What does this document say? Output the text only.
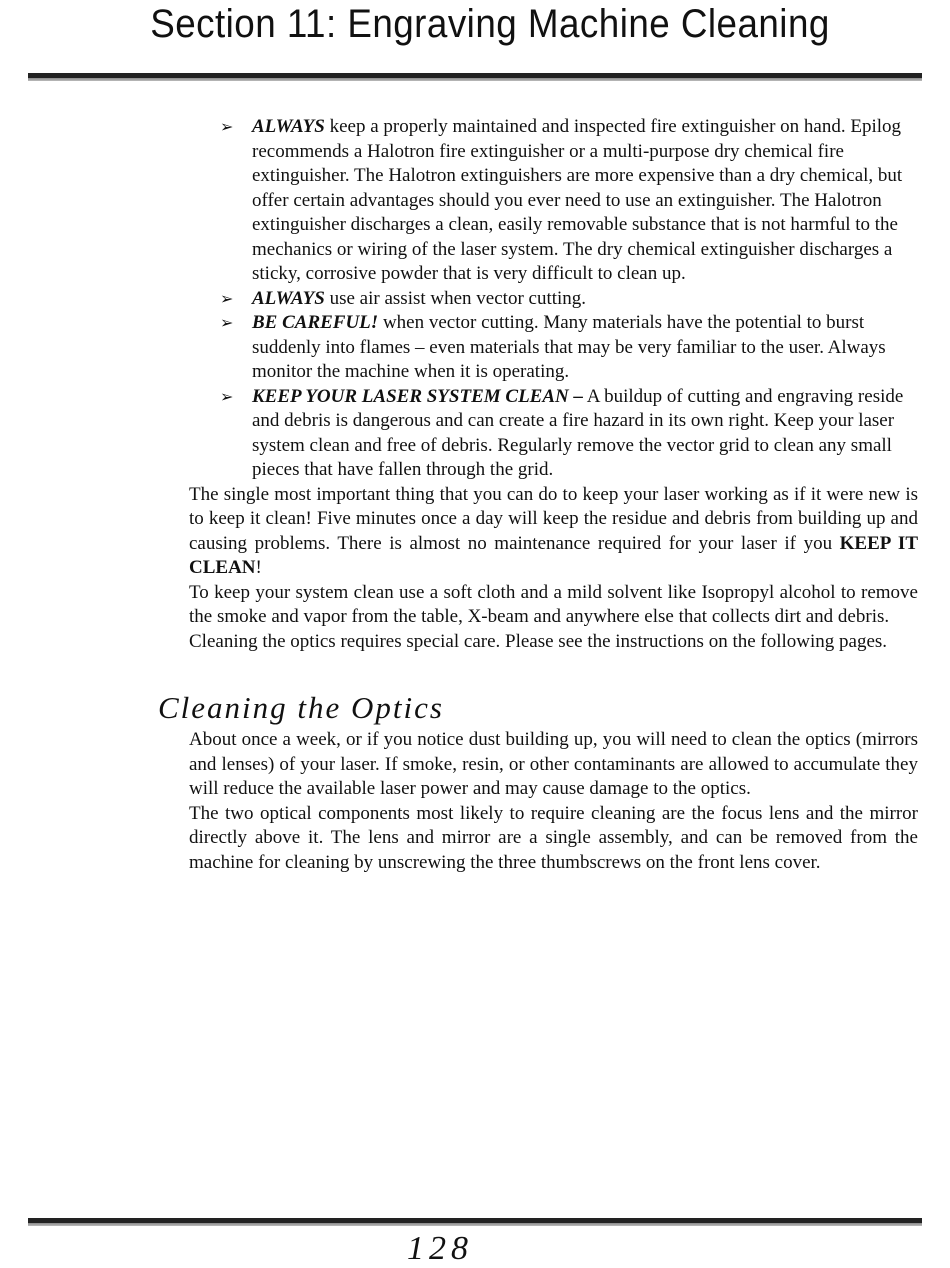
Section 11: Engraving Machine Cleaning
➢ ALWAYS keep a properly maintained and inspected fire extinguisher on hand. Epilog recommends a Halotron fire extinguisher or a multi-purpose dry chemical fire extinguisher. The Halotron extinguishers are more expensive than a dry chemical, but offer certain advantages should you ever need to use an extinguisher. The Halotron extinguisher discharges a clean, easily removable substance that is not harmful to the mechanics or wiring of the laser system. The dry chemical extinguisher discharges a sticky, corrosive powder that is very difficult to clean up.
➢ ALWAYS use air assist when vector cutting.
➢ BE CAREFUL! when vector cutting. Many materials have the potential to burst suddenly into flames – even materials that may be very familiar to the user. Always monitor the machine when it is operating.
➢ KEEP YOUR LASER SYSTEM CLEAN – A buildup of cutting and engraving reside and debris is dangerous and can create a fire hazard in its own right. Keep your laser system clean and free of debris. Regularly remove the vector grid to clean any small pieces that have fallen through the grid.

The single most important thing that you can do to keep your laser working as if it were new is to keep it clean! Five minutes once a day will keep the residue and debris from building up and causing problems. There is almost no maintenance required for your laser if you KEEP IT CLEAN!

To keep your system clean use a soft cloth and a mild solvent like Isopropyl alcohol to remove the smoke and vapor from the table, X-beam and anywhere else that collects dirt and debris.

Cleaning the optics requires special care. Please see the instructions on the following pages.

Cleaning the Optics

About once a week, or if you notice dust building up, you will need to clean the optics (mirrors and lenses) of your laser. If smoke, resin, or other contaminants are allowed to accumulate they will reduce the available laser power and may cause damage to the optics.

The two optical components most likely to require cleaning are the focus lens and the mirror directly above it. The lens and mirror are a single assembly, and can be removed from the machine for cleaning by unscrewing the three thumbscrews on the front lens cover.

128
